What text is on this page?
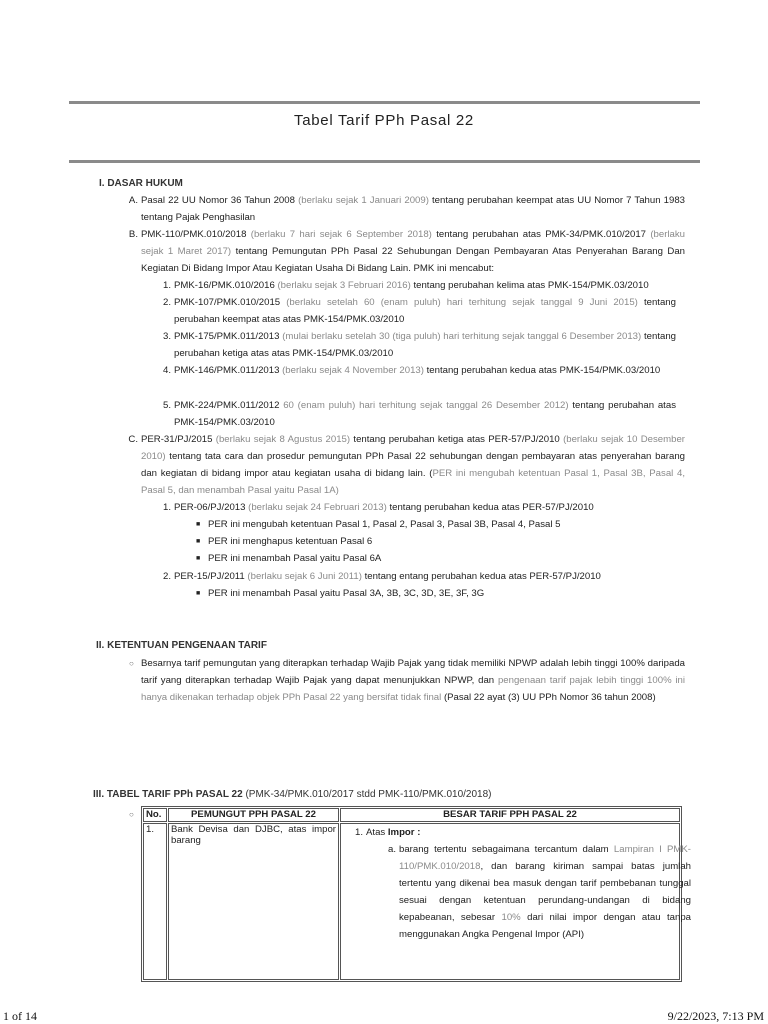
Tabel Tarif PPh Pasal 22
I. DASAR HUKUM
A. Pasal 22 UU Nomor 36 Tahun 2008 (berlaku sejak 1 Januari 2009) tentang perubahan keempat atas UU Nomor 7 Tahun 1983 tentang Pajak Penghasilan
B. PMK-110/PMK.010/2018 (berlaku 7 hari sejak 6 September 2018) tentang perubahan atas PMK-34/PMK.010/2017 (berlaku sejak 1 Maret 2017) tentang Pemungutan PPh Pasal 22 Sehubungan Dengan Pembayaran Atas Penyerahan Barang Dan Kegiatan Di Bidang Impor Atau Kegiatan Usaha Di Bidang Lain. PMK ini mencabut:
1. PMK-16/PMK.010/2016 (berlaku sejak 3 Februari 2016) tentang perubahan kelima atas PMK-154/PMK.03/2010
2. PMK-107/PMK.010/2015 (berlaku setelah 60 (enam puluh) hari terhitung sejak tanggal 9 Juni 2015) tentang perubahan keempat atas atas PMK-154/PMK.03/2010
3. PMK-175/PMK.011/2013 (mulai berlaku setelah 30 (tiga puluh) hari terhitung sejak tanggal 6 Desember 2013) tentang perubahan ketiga atas atas PMK-154/PMK.03/2010
4. PMK-146/PMK.011/2013 (berlaku sejak 4 November 2013) tentang perubahan kedua atas PMK-154/PMK.03/2010
5. PMK-224/PMK.011/2012 60 (enam puluh) hari terhitung sejak tanggal 26 Desember 2012) tentang perubahan atas PMK-154/PMK.03/2010
C. PER-31/PJ/2015 (berlaku sejak 8 Agustus 2015) tentang perubahan ketiga atas PER-57/PJ/2010 (berlaku sejak 10 Desember 2010) tentang tata cara dan prosedur pemungutan PPh Pasal 22 sehubungan dengan pembayaran atas penyerahan barang dan kegiatan di bidang impor atau kegiatan usaha di bidang lain. (PER ini mengubah ketentuan Pasal 1, Pasal 3B, Pasal 4, Pasal 5, dan menambah Pasal yaitu Pasal 1A)
1. PER-06/PJ/2013 (berlaku sejak 24 Februari 2013) tentang perubahan kedua atas PER-57/PJ/2010
■ PER ini mengubah ketentuan Pasal 1, Pasal 2, Pasal 3, Pasal 3B, Pasal 4, Pasal 5
■ PER ini menghapus ketentuan Pasal 6
■ PER ini menambah Pasal yaitu Pasal 6A
2. PER-15/PJ/2011 (berlaku sejak 6 Juni 2011) tentang entang perubahan kedua atas PER-57/PJ/2010
■ PER ini menambah Pasal yaitu Pasal 3A, 3B, 3C, 3D, 3E, 3F, 3G
II. KETENTUAN PENGENAAN TARIF
○ Besarnya tarif pemungutan yang diterapkan terhadap Wajib Pajak yang tidak memiliki NPWP adalah lebih tinggi 100% daripada tarif yang diterapkan terhadap Wajib Pajak yang dapat menunjukkan NPWP, dan pengenaan tarif pajak lebih tinggi 100% ini hanya dikenakan terhadap objek PPh Pasal 22 yang bersifat tidak final (Pasal 22 ayat (3) UU PPh Nomor 36 tahun 2008)
III. TABEL TARIF PPh PASAL 22 (PMK-34/PMK.010/2017 stdd PMK-110/PMK.010/2018)
○ No.	PEMUNGUT PPH PASAL 22	BESAR TARIF PPH PASAL 22
1.	Bank Devisa dan DJBC, atas impor barang	1. Atas Impor :
a. barang tertentu sebagaimana tercantum dalam Lampiran I PMK-110/PMK.010/2018, dan barang kiriman sampai batas jumlah tertentu yang dikenai bea masuk dengan tarif pembebanan tunggal sesuai dengan ketentuan perundang-undangan di bidang kepabeanan, sebesar 10% dari nilai impor dengan atau tanpa menggunakan Angka Pengenal Impor (API)
1 of 14	9/22/2023, 7:13 PM
